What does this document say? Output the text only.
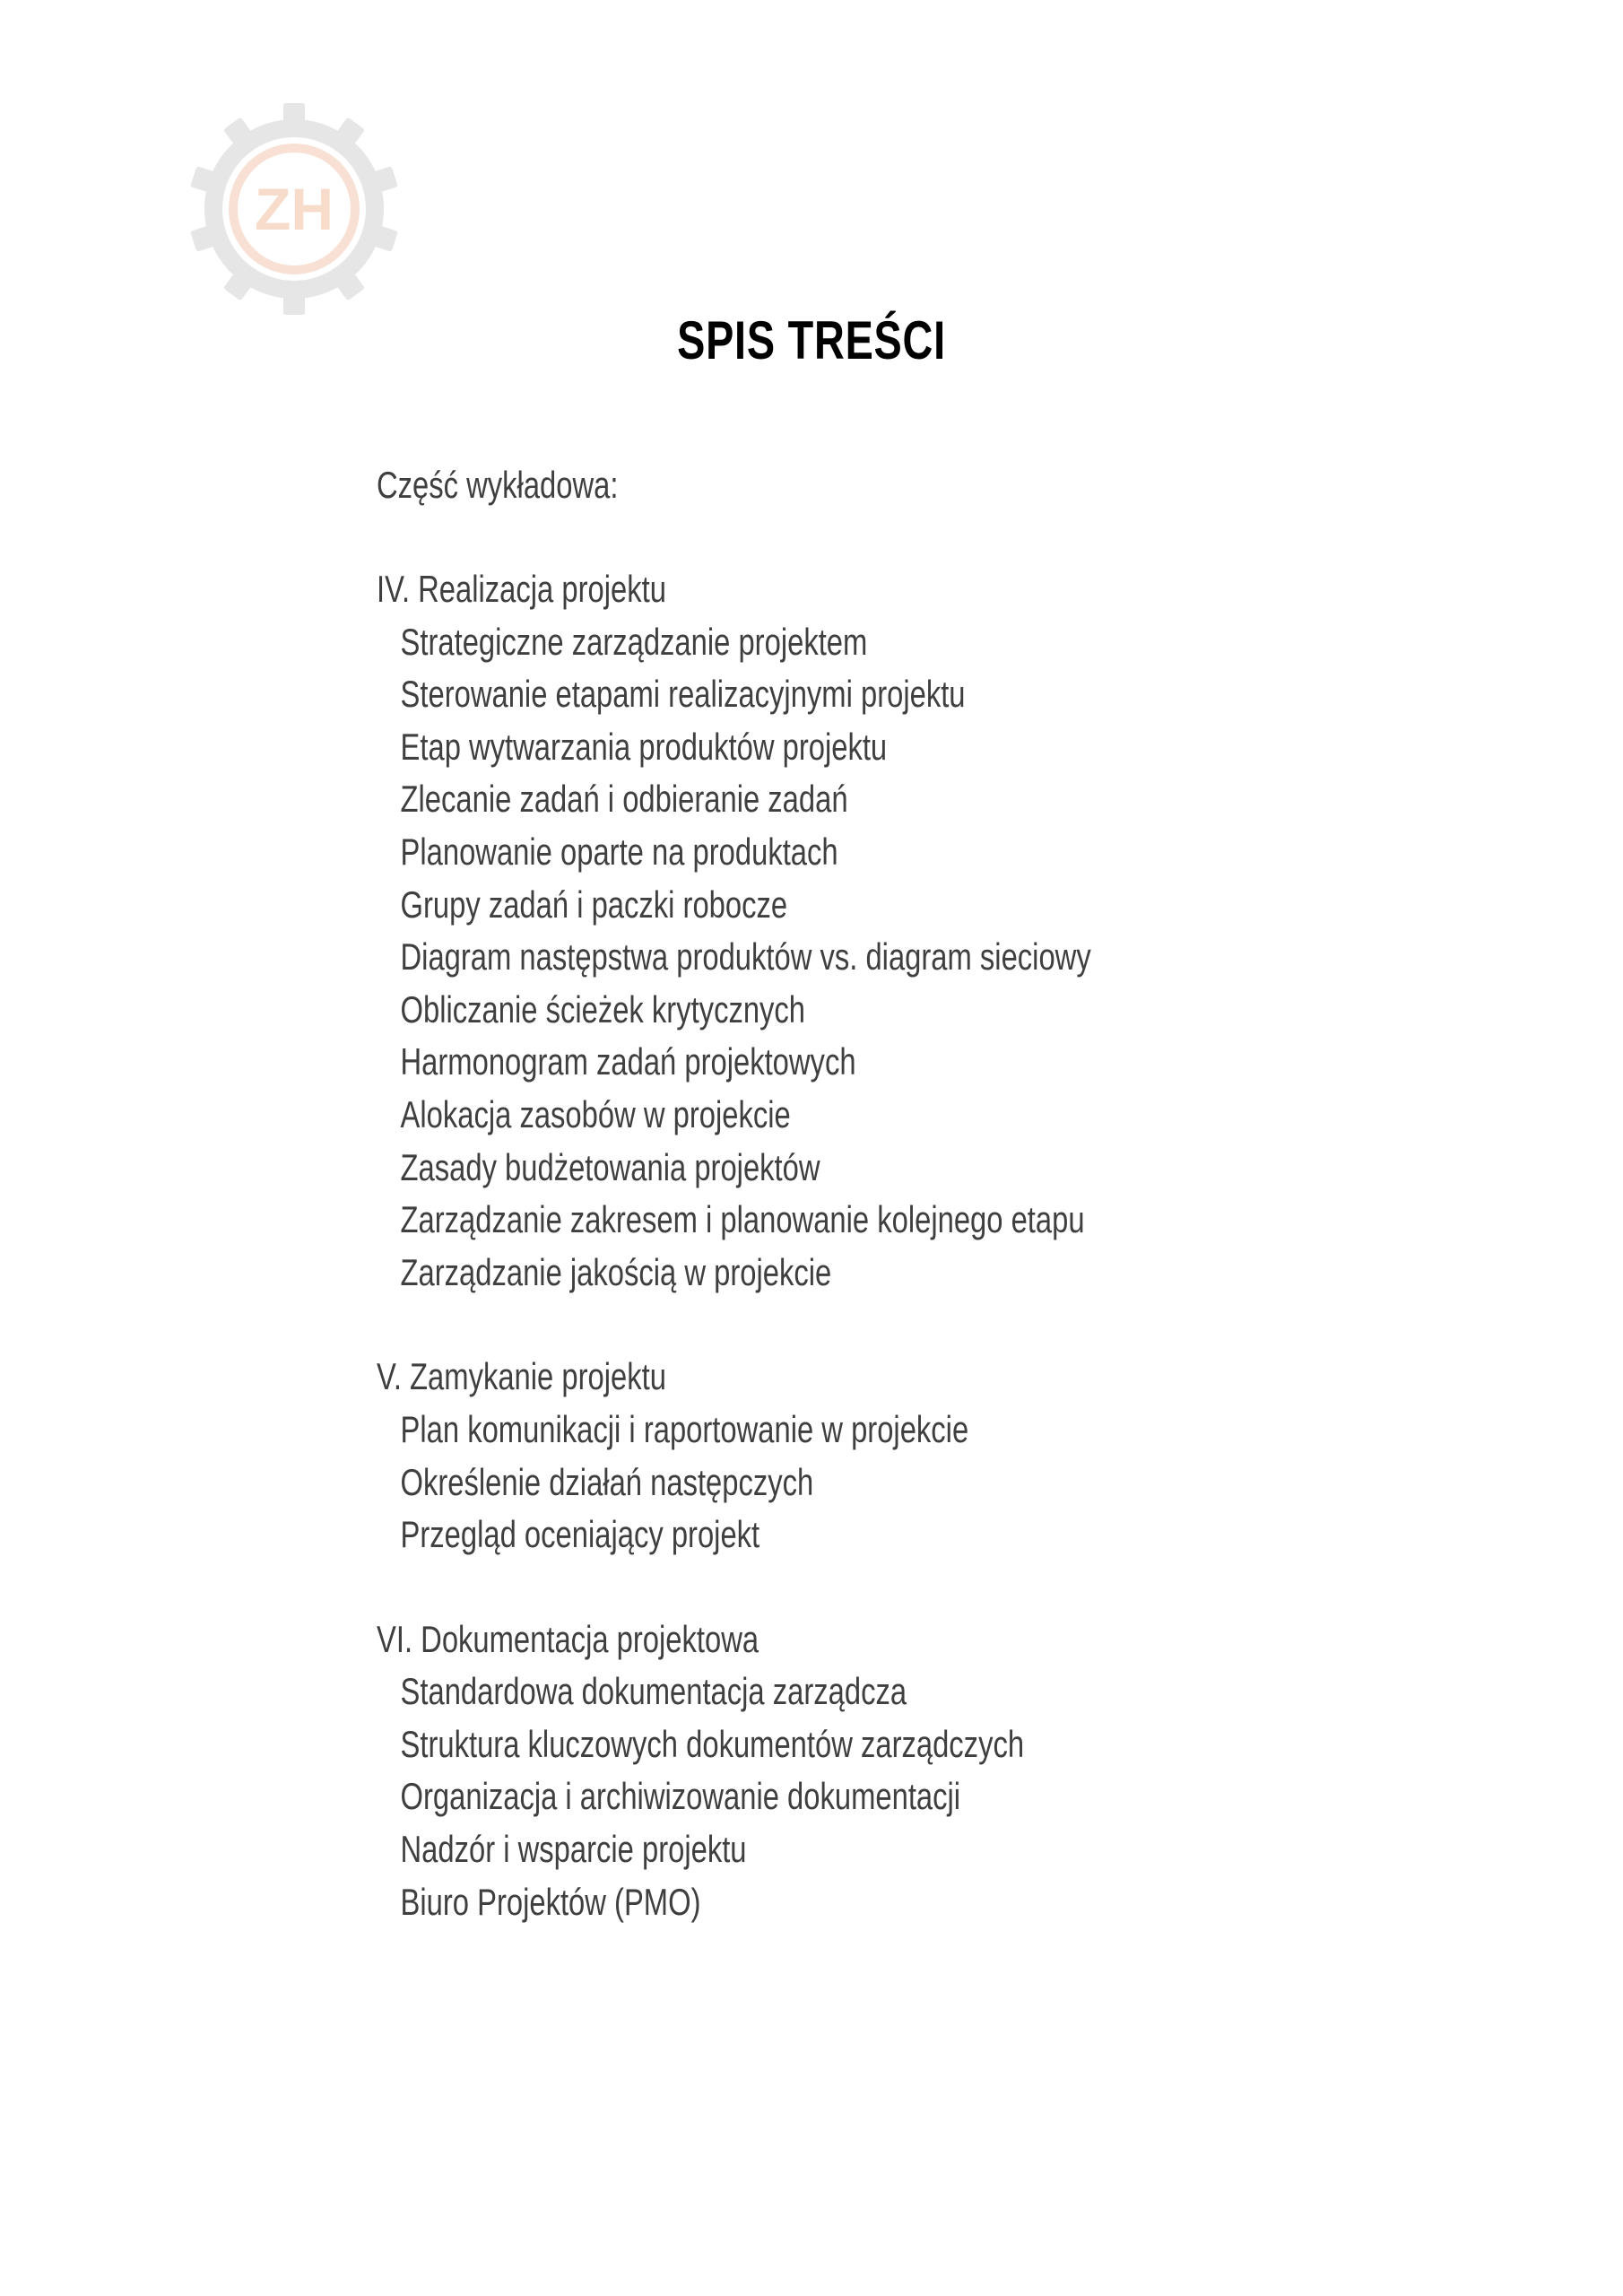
ZH
SPIS TREŚCI
Część wykładowa:
IV. Realizacja projektu
Strategiczne zarządzanie projektem
Sterowanie etapami realizacyjnymi projektu
Etap wytwarzania produktów projektu
Zlecanie zadań i odbieranie zadań
Planowanie oparte na produktach
Grupy zadań i paczki robocze
Diagram następstwa produktów vs. diagram sieciowy
Obliczanie ścieżek krytycznych
Harmonogram zadań projektowych
Alokacja zasobów w projekcie
Zasady budżetowania projektów
Zarządzanie zakresem i planowanie kolejnego etapu
Zarządzanie jakością w projekcie
V. Zamykanie projektu
Plan komunikacji i raportowanie w projekcie
Określenie działań następczych
Przegląd oceniający projekt
VI. Dokumentacja projektowa
Standardowa dokumentacja zarządcza
Struktura kluczowych dokumentów zarządczych
Organizacja i archiwizowanie dokumentacji
Nadzór i wsparcie projektu
Biuro Projektów (PMO)
